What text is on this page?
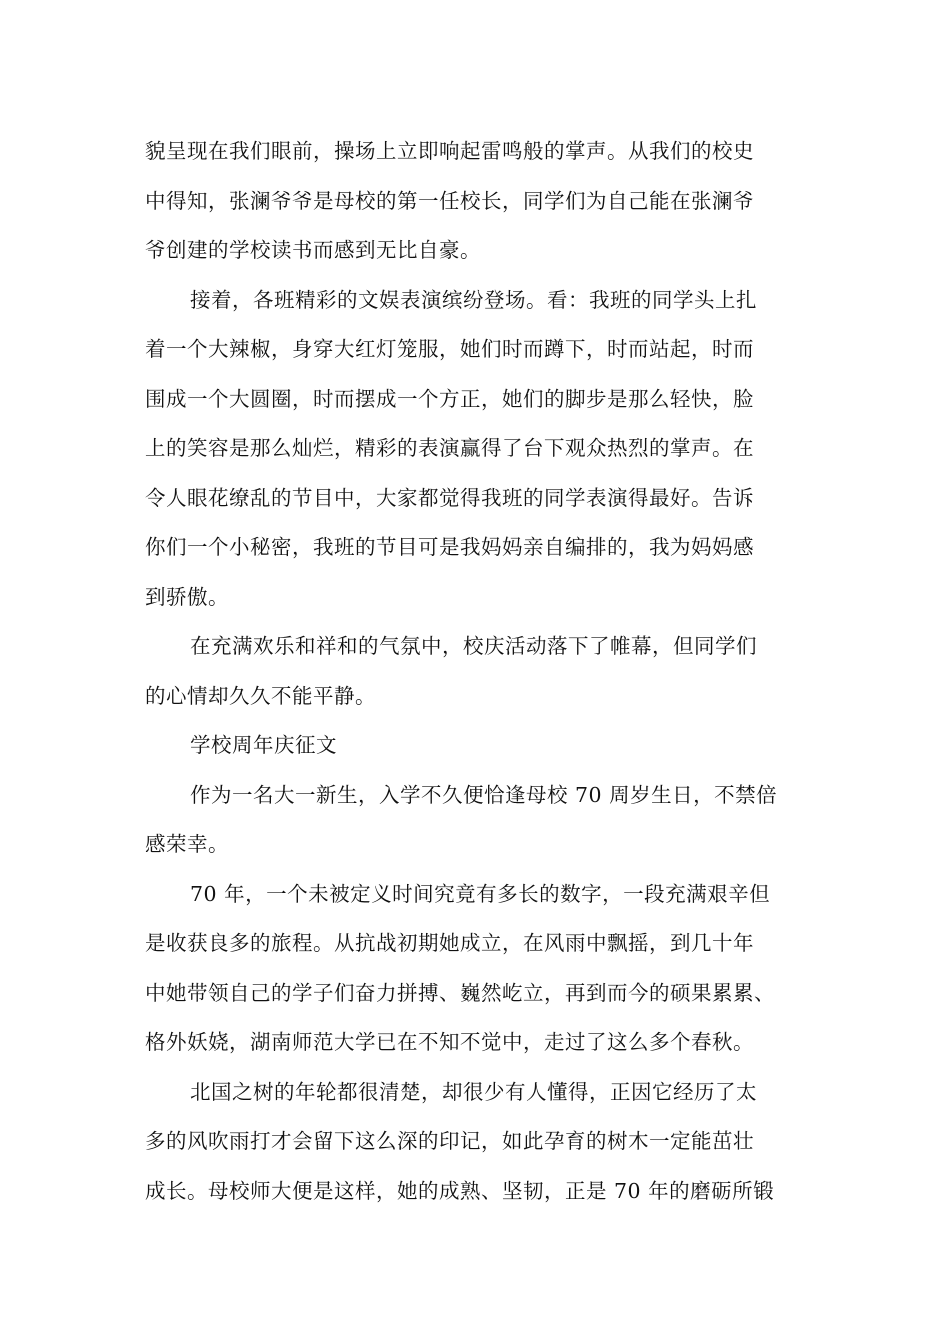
貌呈现在我们眼前，操场上立即响起雷鸣般的掌声。从我们的校史
中得知，张澜爷爷是母校的第一任校长，同学们为自己能在张澜爷
爷创建的学校读书而感到无比自豪。
接着，各班精彩的文娱表演缤纷登场。看：我班的同学头上扎
着一个大辣椒，身穿大红灯笼服，她们时而蹲下，时而站起，时而
围成一个大圆圈，时而摆成一个方正，她们的脚步是那么轻快，脸
上的笑容是那么灿烂，精彩的表演赢得了台下观众热烈的掌声。在
令人眼花缭乱的节目中，大家都觉得我班的同学表演得最好。告诉
你们一个小秘密，我班的节目可是我妈妈亲自编排的，我为妈妈感
到骄傲。
在充满欢乐和祥和的气氛中，校庆活动落下了帷幕，但同学们
的心情却久久不能平静。
学校周年庆征文
作为一名大一新生，入学不久便恰逢母校 70 周岁生日，不禁倍
感荣幸。
70 年，一个未被定义时间究竟有多长的数字，一段充满艰辛但
是收获良多的旅程。从抗战初期她成立，在风雨中飘摇，到几十年
中她带领自己的学子们奋力拼搏、巍然屹立，再到而今的硕果累累、
格外妖娆，湖南师范大学已在不知不觉中，走过了这么多个春秋。
北国之树的年轮都很清楚，却很少有人懂得，正因它经历了太
多的风吹雨打才会留下这么深的印记，如此孕育的树木一定能茁壮
成长。母校师大便是这样，她的成熟、坚韧，正是 70 年的磨砺所锻
